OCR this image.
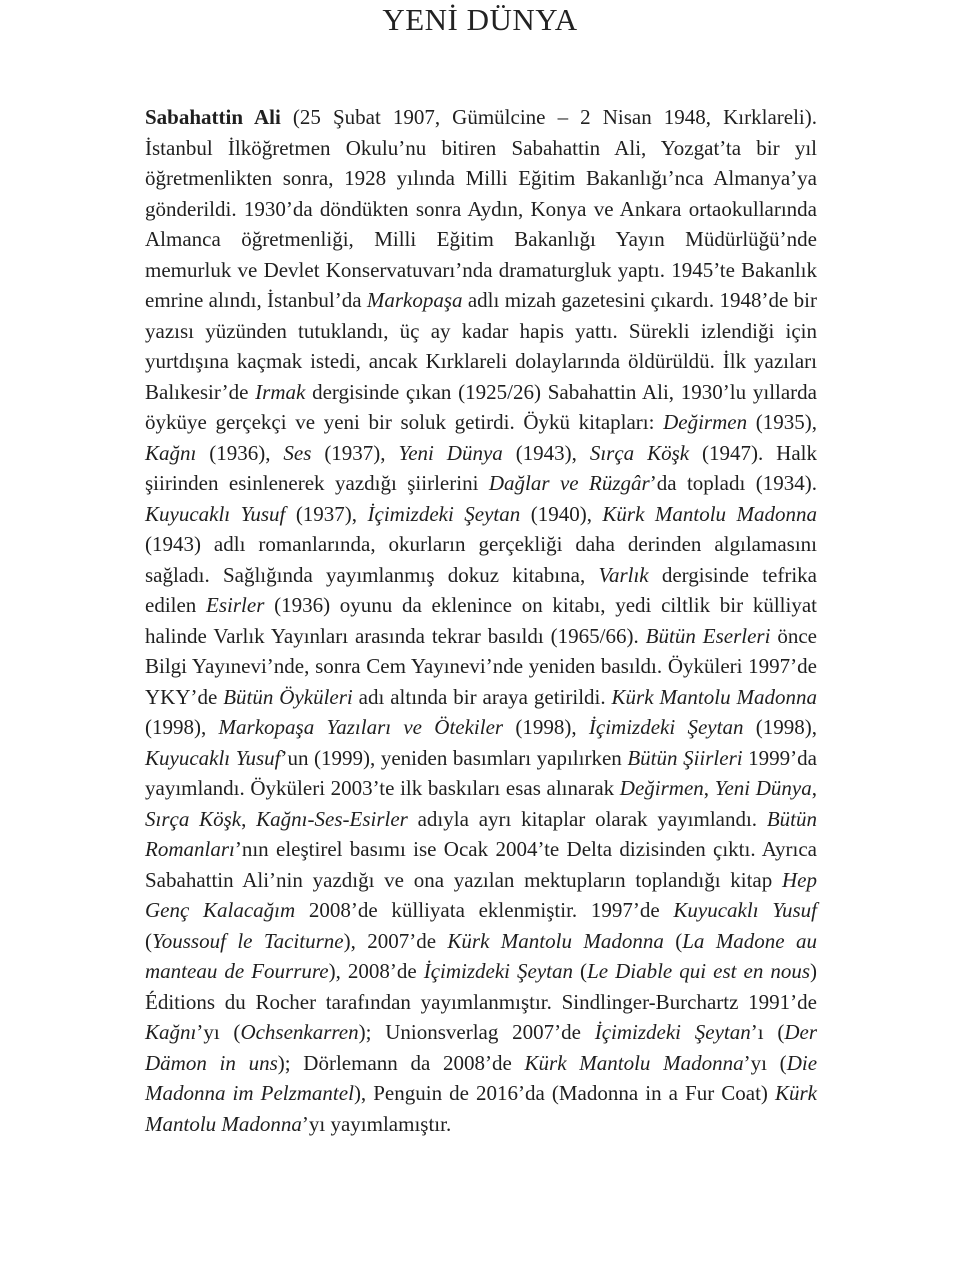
YENİ DÜNYA

Sabahattin Ali (25 Şubat 1907, Gümülcine – 2 Nisan 1948, Kırklareli). İstanbul İlköğretmen Okulu’nu bitiren Sabahattin Ali, Yozgat’ta bir yıl öğretmenlikten sonra, 1928 yılında Milli Eğitim Bakanlığı’nca Almanya’ya gönderildi. 1930’da döndükten sonra Aydın, Konya ve Ankara ortaokullarında Almanca öğretmenliği, Milli Eğitim Bakanlığı Yayın Müdürlüğü’nde memurluk ve Devlet Konservatuvarı’nda dramaturgluk yaptı. 1945’te Bakanlık emrine alındı, İstanbul’da Markopaşa adlı mizah gazetesini çıkardı. 1948’de bir yazısı yüzünden tutuklandı, üç ay kadar hapis yattı. Sürekli izlendiği için yurtdışına kaçmak istedi, ancak Kırklareli dolaylarında öldürüldü. İlk yazıları Balıkesir’de Irmak dergisinde çıkan (1925/26) Sabahattin Ali, 1930’lu yıllarda öyküye gerçekçi ve yeni bir soluk getirdi. Öykü kitapları: Değirmen (1935), Kağnı (1936), Ses (1937), Yeni Dünya (1943), Sırça Köşk (1947). Halk şiirinden esinlenerek yazdığı şiirlerini Dağlar ve Rüzgâr’da topladı (1934). Kuyucaklı Yusuf (1937), İçimizdeki Şeytan (1940), Kürk Mantolu Madonna (1943) adlı romanlarında, okurların gerçekliği daha derinden algılamasını sağladı. Sağlığında yayımlanmış dokuz kitabına, Varlık dergisinde tefrika edilen Esirler (1936) oyunu da eklenince on kitabı, yedi ciltlik bir külliyat halinde Varlık Yayınları arasında tekrar basıldı (1965/66). Bütün Eserleri önce Bilgi Yayınevi’nde, sonra Cem Yayınevi’nde yeniden basıldı. Öyküleri 1997’de YKY’de Bütün Öyküleri adı altında bir araya getirildi. Kürk Mantolu Madonna (1998), Markopaşa Yazıları ve Ötekiler (1998), İçimizdeki Şeytan (1998), Kuyucaklı Yusuf’un (1999), yeniden basımları yapılırken Bütün Şiirleri 1999’da yayımlandı. Öyküleri 2003’te ilk baskıları esas alınarak Değirmen, Yeni Dünya, Sırça Köşk, Kağnı-Ses-Esirler adıyla ayrı kitaplar olarak yayımlandı. Bütün Romanları’nın eleştirel basımı ise Ocak 2004’te Delta dizisinden çıktı. Ayrıca Sabahattin Ali’nin yazdığı ve ona yazılan mektupların toplandığı kitap Hep Genç Kalacağım 2008’de külliyata eklenmiştir. 1997’de Kuyucaklı Yusuf (Youssouf le Taciturne), 2007’de Kürk Mantolu Madonna (La Madone au manteau de Fourrure), 2008’de İçimizdeki Şeytan (Le Diable qui est en nous) Éditions du Rocher tarafından yayımlanmıştır. Sindlinger-Burchartz 1991’de Kağnı’yı (Ochsenkarren); Unionsverlag 2007’de İçimizdeki Şeytan’ı (Der Dämon in uns); Dörlemann da 2008’de Kürk Mantolu Madonna’yı (Die Madonna im Pelzmantel), Penguin de 2016’da (Madonna in a Fur Coat) Kürk Mantolu Madonna’yı yayımlamıştır.
